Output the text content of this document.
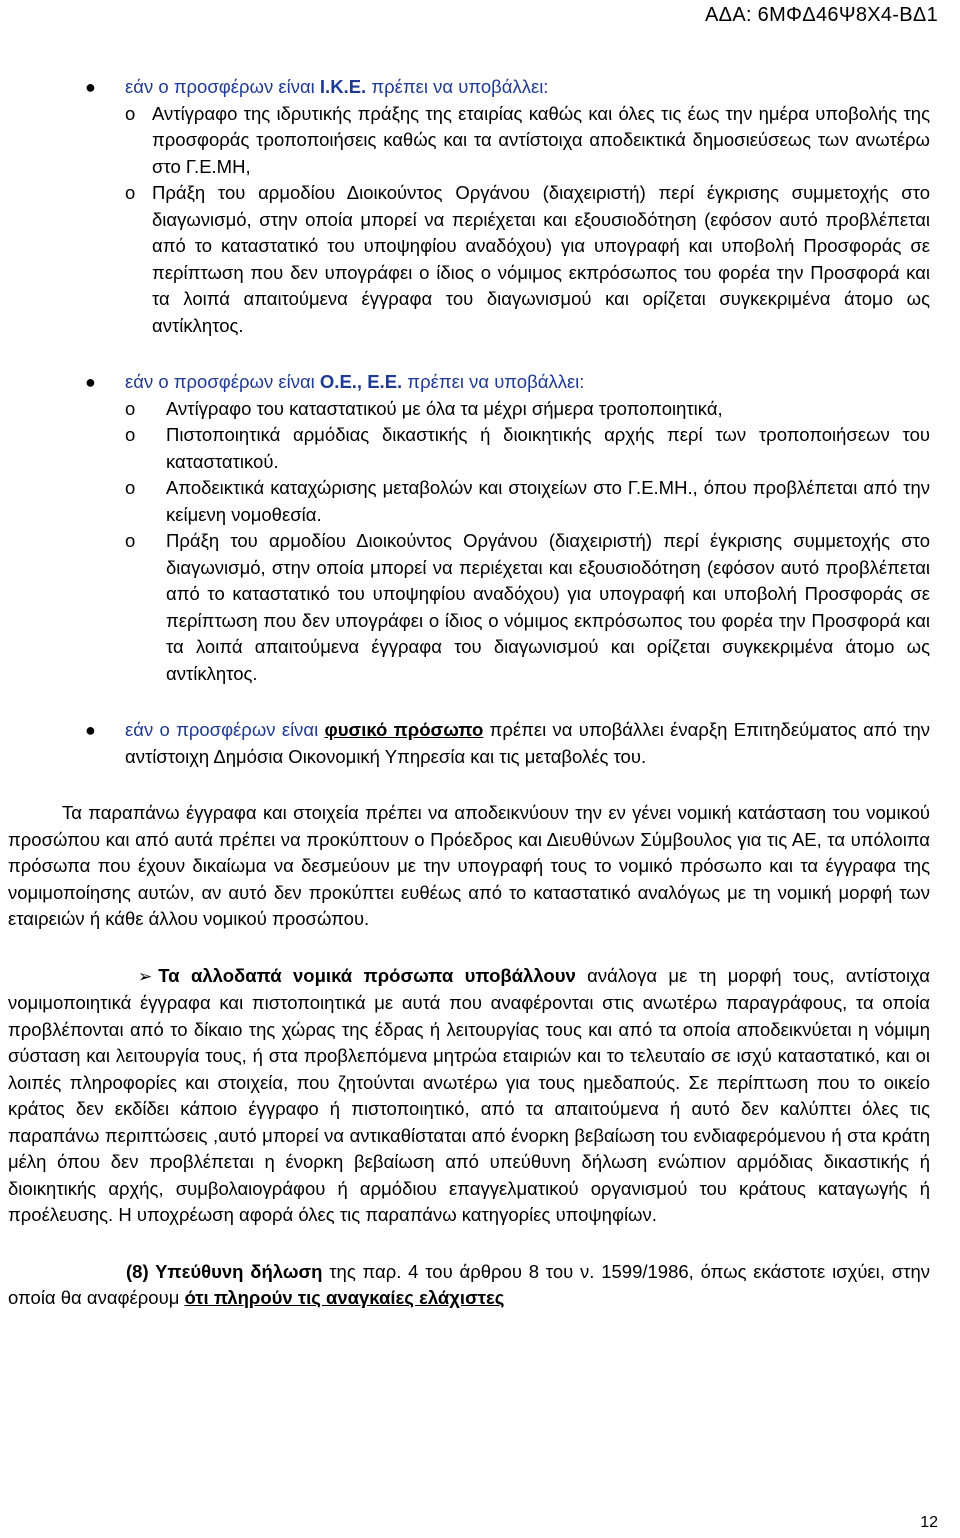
ΑΔΑ: 6ΜΦΔ46Ψ8Χ4-ΒΔ1
● εάν ο προσφέρων είναι Ι.Κ.Ε. πρέπει να υποβάλλει:
o Αντίγραφο της ιδρυτικής πράξης της εταιρίας καθώς και όλες τις έως την ημέρα υποβολής της προσφοράς τροποποιήσεις καθώς και τα αντίστοιχα αποδεικτικά δημοσιεύσεως των ανωτέρω στο Γ.Ε.ΜΗ,
o Πράξη του αρμοδίου Διοικούντος Οργάνου (διαχειριστή) περί έγκρισης συμμετοχής στο διαγωνισμό, στην οποία μπορεί να περιέχεται και εξουσιοδότηση (εφόσον αυτό προβλέπεται από το καταστατικό του υποψηφίου αναδόχου) για υπογραφή και υποβολή Προσφοράς σε περίπτωση που δεν υπογράφει ο ίδιος ο νόμιμος εκπρόσωπος του φορέα την Προσφορά και τα λοιπά απαιτούμενα έγγραφα του διαγωνισμού και ορίζεται συγκεκριμένα άτομο ως αντίκλητος.
● εάν ο προσφέρων είναι Ο.Ε., Ε.Ε. πρέπει να υποβάλλει:
o Αντίγραφο του καταστατικού με όλα τα μέχρι σήμερα τροποποιητικά,
o Πιστοποιητικά αρμόδιας δικαστικής ή διοικητικής αρχής περί των τροποποιήσεων του καταστατικού.
o Αποδεικτικά καταχώρισης μεταβολών και στοιχείων στο Γ.Ε.ΜΗ., όπου προβλέπεται από την κείμενη νομοθεσία.
o Πράξη του αρμοδίου Διοικούντος Οργάνου (διαχειριστή) περί έγκρισης συμμετοχής στο διαγωνισμό, στην οποία μπορεί να περιέχεται και εξουσιοδότηση (εφόσον αυτό προβλέπεται από το καταστατικό του υποψηφίου αναδόχου) για υπογραφή και υποβολή Προσφοράς σε περίπτωση που δεν υπογράφει ο ίδιος ο νόμιμος εκπρόσωπος του φορέα την Προσφορά και τα λοιπά απαιτούμενα έγγραφα του διαγωνισμού και ορίζεται συγκεκριμένα άτομο ως αντίκλητος.
● εάν ο προσφέρων είναι φυσικό πρόσωπο πρέπει να υποβάλλει έναρξη Επιτηδεύματος από την αντίστοιχη Δημόσια Οικονομική Υπηρεσία και τις μεταβολές του.
Τα παραπάνω έγγραφα και στοιχεία πρέπει να αποδεικνύουν την εν γένει νομική κατάσταση του νομικού προσώπου και από αυτά πρέπει να προκύπτουν ο Πρόεδρος και Διευθύνων Σύμβουλος για τις ΑΕ, τα υπόλοιπα πρόσωπα που έχουν δικαίωμα να δεσμεύουν με την υπογραφή τους το νομικό πρόσωπο και τα έγγραφα της νομιμοποίησης αυτών, αν αυτό δεν προκύπτει ευθέως από το καταστατικό αναλόγως με τη νομική μορφή των εταιρειών ή κάθε άλλου νομικού προσώπου.
➢ Τα αλλοδαπά νομικά πρόσωπα υποβάλλουν ανάλογα με τη μορφή τους, αντίστοιχα νομιμοποιητικά έγγραφα και πιστοποιητικά με αυτά που αναφέρονται στις ανωτέρω παραγράφους, τα οποία προβλέπονται από το δίκαιο της χώρας της έδρας ή λειτουργίας τους και από τα οποία αποδεικνύεται η νόμιμη σύσταση και λειτουργία τους, ή στα προβλεπόμενα μητρώα εταιριών και το τελευταίο σε ισχύ καταστατικό, και οι λοιπές πληροφορίες και στοιχεία, που ζητούνται ανωτέρω για τους ημεδαπούς. Σε περίπτωση που το οικείο κράτος δεν εκδίδει κάποιο έγγραφο ή πιστοποιητικό, από τα απαιτούμενα ή αυτό δεν καλύπτει όλες τις παραπάνω περιπτώσεις ,αυτό μπορεί να αντικαθίσταται από ένορκη βεβαίωση του ενδιαφερόμενου ή στα κράτη μέλη όπου δεν προβλέπεται η ένορκη βεβαίωση από υπεύθυνη δήλωση ενώπιον αρμόδιας δικαστικής ή διοικητικής αρχής, συμβολαιογράφου ή αρμόδιου επαγγελματικού οργανισμού του κράτους καταγωγής ή προέλευσης. Η υποχρέωση αφορά όλες τις παραπάνω κατηγορίες υποψηφίων.
(8) Υπεύθυνη δήλωση της παρ. 4 του άρθρου 8 του ν. 1599/1986, όπως εκάστοτε ισχύει, στην οποία θα αναφέρουμ ότι πληρούν τις αναγκαίες ελάχιστες
12
